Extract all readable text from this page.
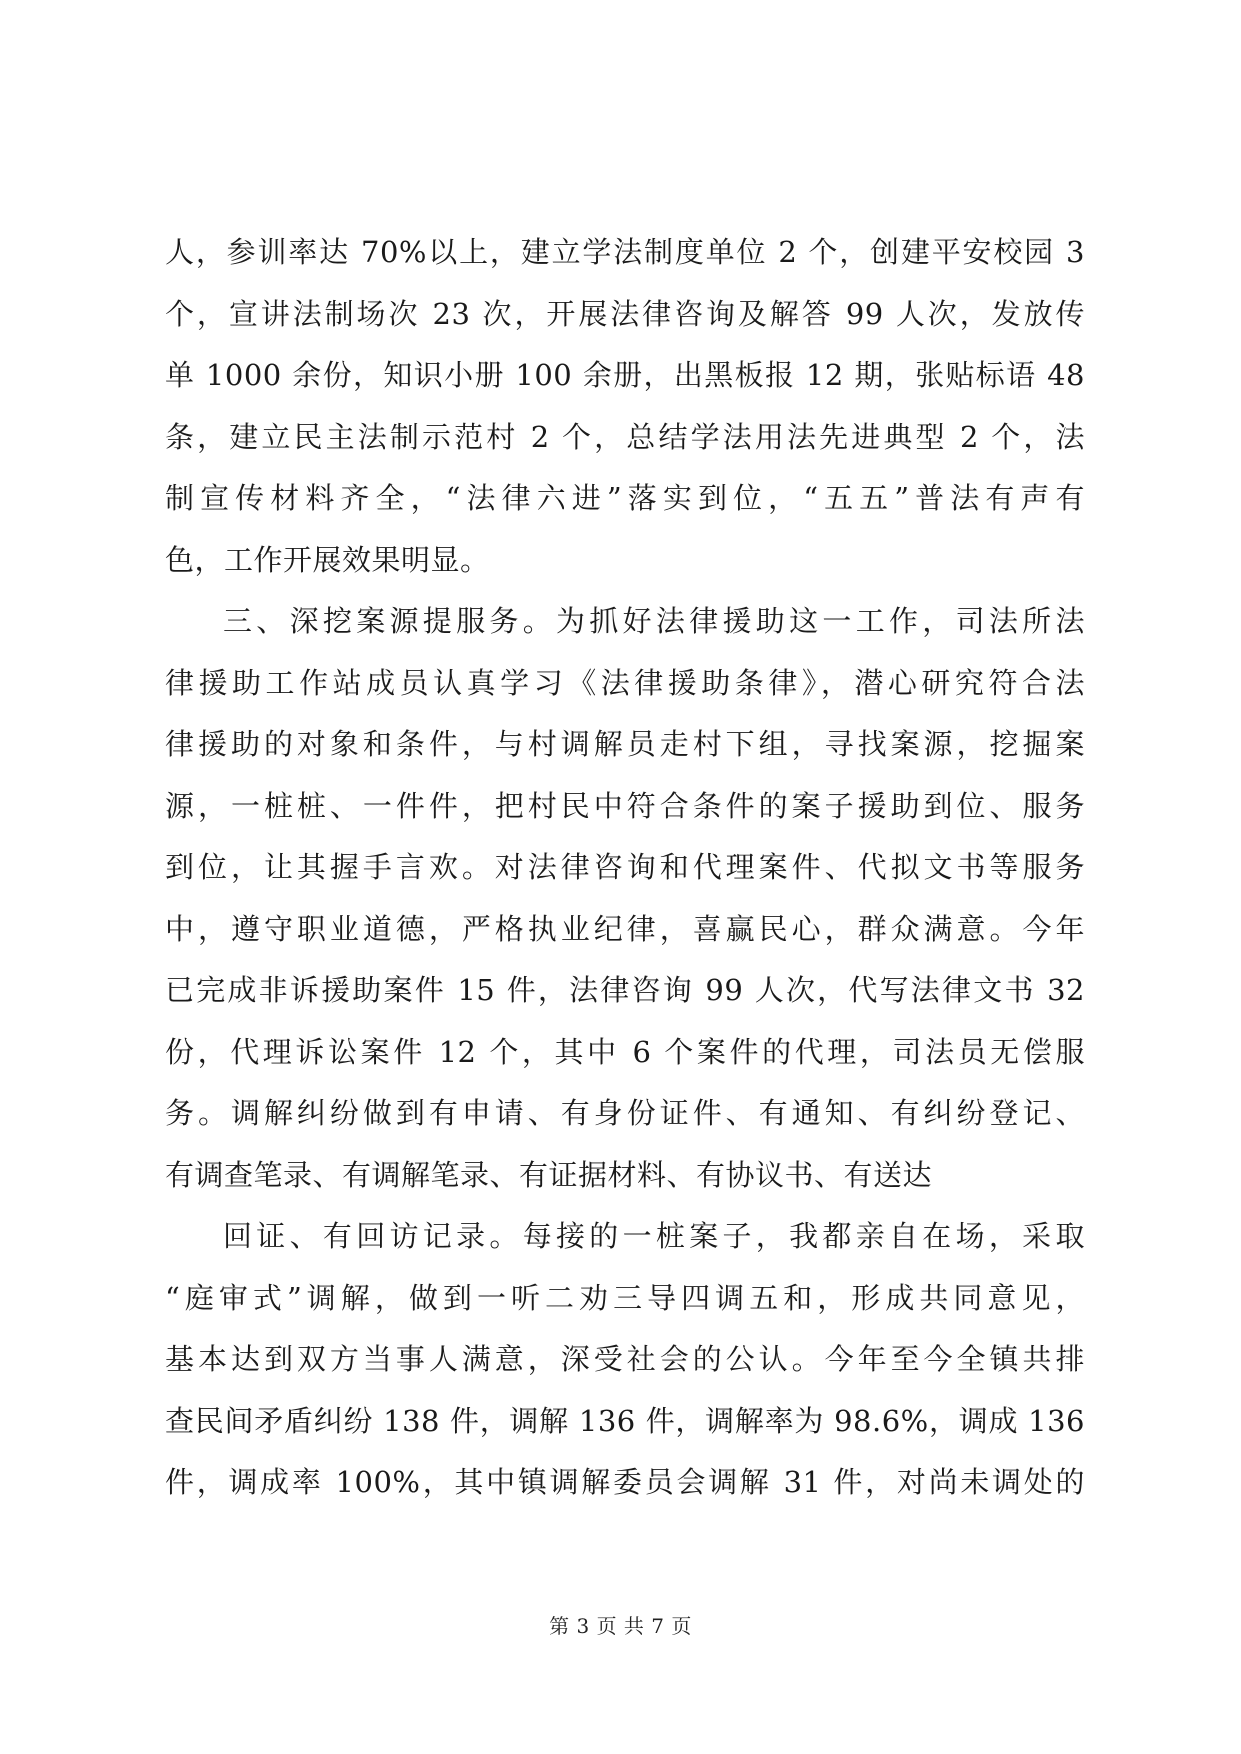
人，参训率达 70%以上，建立学法制度单位 2 个，创建平安校园 3
个，宣讲法制场次 23 次，开展法律咨询及解答 99 人次，发放传
单 1000 余份，知识小册 100 余册，出黑板报 12 期，张贴标语 48
条，建立民主法制示范村 2 个，总结学法用法先进典型 2 个，法
制宣传材料齐全，“法律六进”落实到位，“五五”普法有声有
色，工作开展效果明显。
三、深挖案源提服务。为抓好法律援助这一工作，司法所法
律援助工作站成员认真学习《法律援助条律》，潜心研究符合法
律援助的对象和条件，与村调解员走村下组，寻找案源，挖掘案
源，一桩桩、一件件，把村民中符合条件的案子援助到位、服务
到位，让其握手言欢。对法律咨询和代理案件、代拟文书等服务
中，遵守职业道德，严格执业纪律，喜赢民心，群众满意。今年
已完成非诉援助案件 15 件，法律咨询 99 人次，代写法律文书 32
份，代理诉讼案件 12 个，其中 6 个案件的代理，司法员无偿服
务。调解纠纷做到有申请、有身份证件、有通知、有纠纷登记、
有调查笔录、有调解笔录、有证据材料、有协议书、有送达
回证、有回访记录。每接的一桩案子，我都亲自在场，采取
“庭审式”调解，做到一听二劝三导四调五和，形成共同意见，
基本达到双方当事人满意，深受社会的公认。今年至今全镇共排
查民间矛盾纠纷 138 件，调解 136 件，调解率为 98.6%，调成 136
件，调成率 100%，其中镇调解委员会调解 31 件，对尚未调处的
第 3 页 共 7 页
